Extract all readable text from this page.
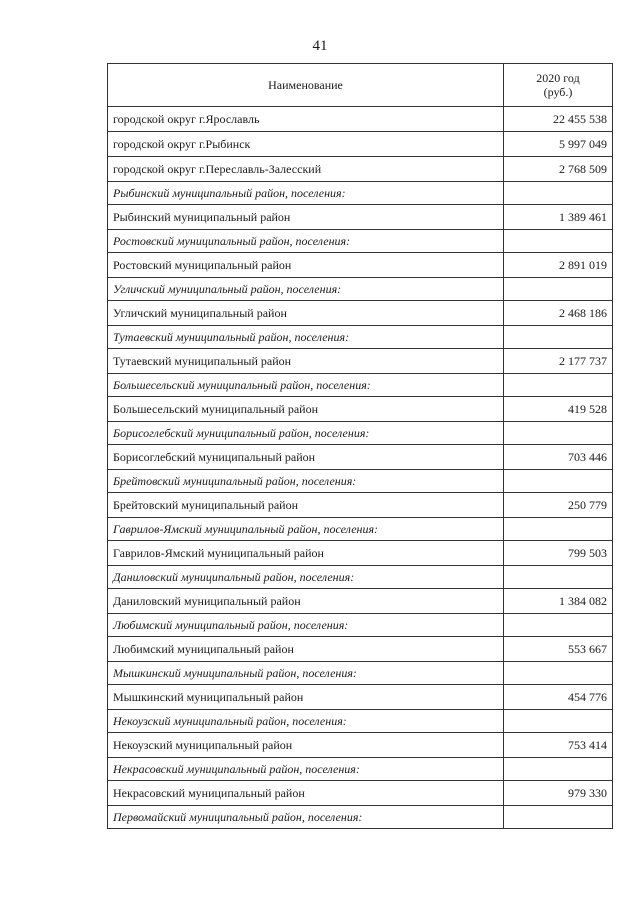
41
Наименование	2020 год
(руб.)
городской округ г.Ярославль	22 455 538
городской округ г.Рыбинск	5 997 049
городской округ г.Переславль-Залесский	2 768 509
Рыбинский муниципальный район, поселения:	
Рыбинский муниципальный район	1 389 461
Ростовский муниципальный район, поселения:	
Ростовский муниципальный район	2 891 019
Угличский муниципальный район, поселения:	
Угличский муниципальный район	2 468 186
Тутаевский муниципальный район, поселения:	
Тутаевский муниципальный район	2 177 737
Большесельский муниципальный район, поселения:	
Большесельский муниципальный район	419 528
Борисоглебский муниципальный район, поселения:	
Борисоглебский муниципальный район	703 446
Брейтовский муниципальный район, поселения:	
Брейтовский муниципальный район	250 779
Гаврилов-Ямский муниципальный район, поселения:	
Гаврилов-Ямский муниципальный район	799 503
Даниловский муниципальный район, поселения:	
Даниловский муниципальный район	1 384 082
Любимский муниципальный район, поселения:	
Любимский муниципальный район	553 667
Мышкинский муниципальный район, поселения:	
Мышкинский муниципальный район	454 776
Некоузский муниципальный район, поселения:	
Некоузский муниципальный район	753 414
Некрасовский муниципальный район, поселения:	
Некрасовский муниципальный район	979 330
Первомайский муниципальный район, поселения:	
